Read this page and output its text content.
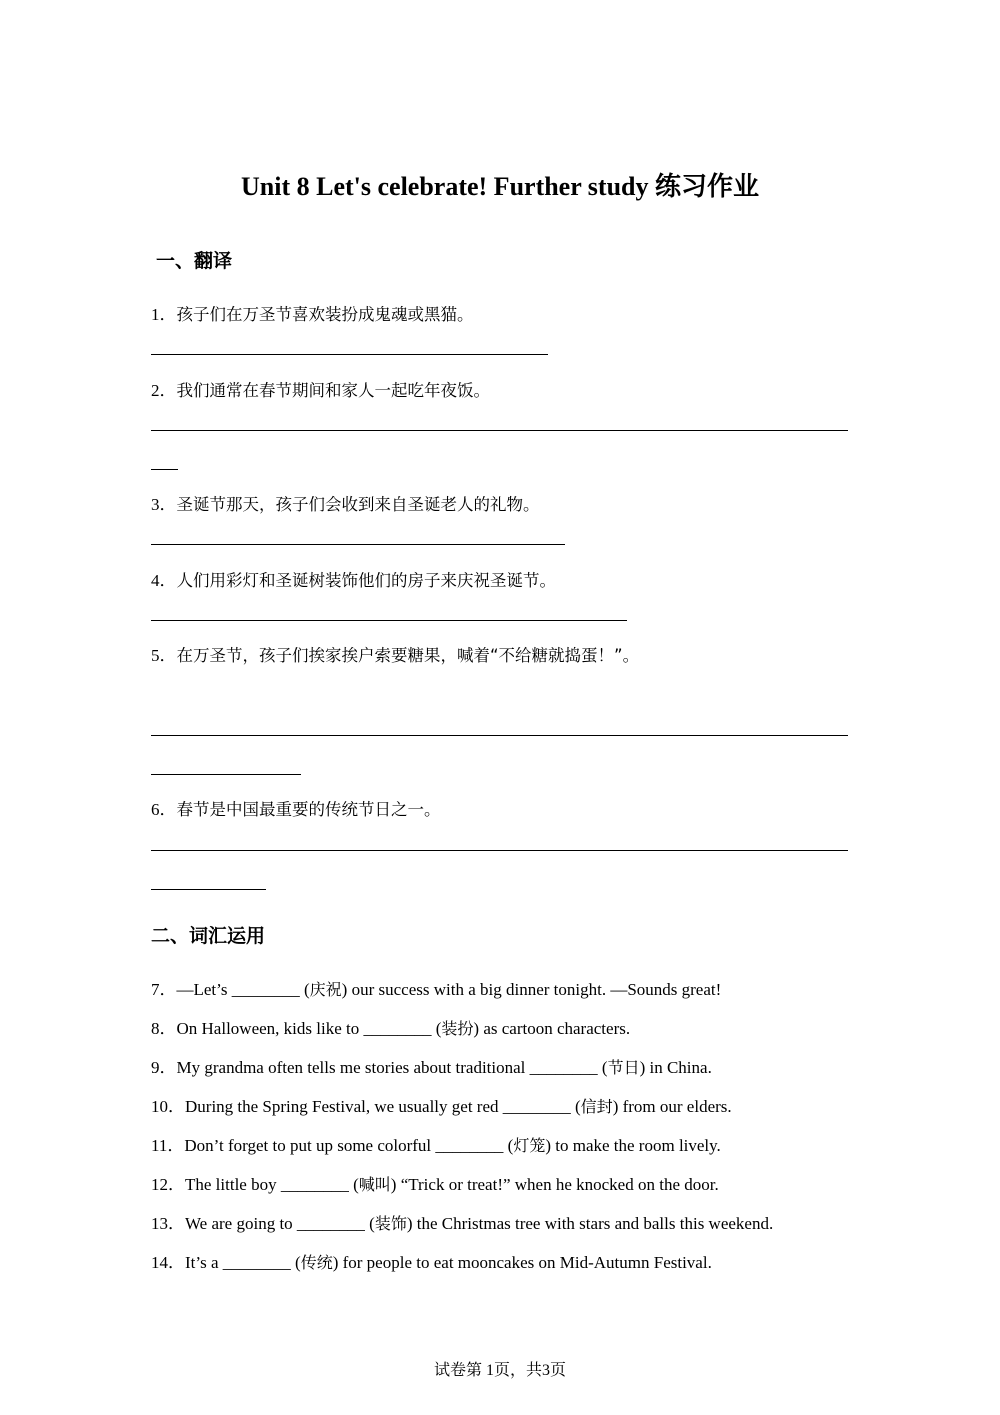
Unit 8 Let's celebrate! Further study 练习作业
一、翻译
1．孩子们在万圣节喜欢装扮成鬼魂或黑猫。
2．我们通常在春节期间和家人一起吃年夜饭。
3．圣诞节那天，孩子们会收到来自圣诞老人的礼物。
4．人们用彩灯和圣诞树装饰他们的房子来庆祝圣诞节。
5．在万圣节，孩子们挨家挨户索要糖果，喊着“不给糖就捣蛋！”。
6．春节是中国最重要的传统节日之一。
二、词汇运用
7．—Let’s ________ (庆祝) our success with a big dinner tonight. —Sounds great!
8．On Halloween, kids like to ________ (装扮) as cartoon characters.
9．My grandma often tells me stories about traditional ________ (节日) in China.
10．During the Spring Festival, we usually get red ________ (信封) from our elders.
11．Don’t forget to put up some colorful ________ (灯笼) to make the room lively.
12．The little boy ________ (喊叫) “Trick or treat!” when he knocked on the door.
13．We are going to ________ (装饰) the Christmas tree with stars and balls this weekend.
14．It’s a ________ (传统) for people to eat mooncakes on Mid-Autumn Festival.
试卷第 1页，共3页
